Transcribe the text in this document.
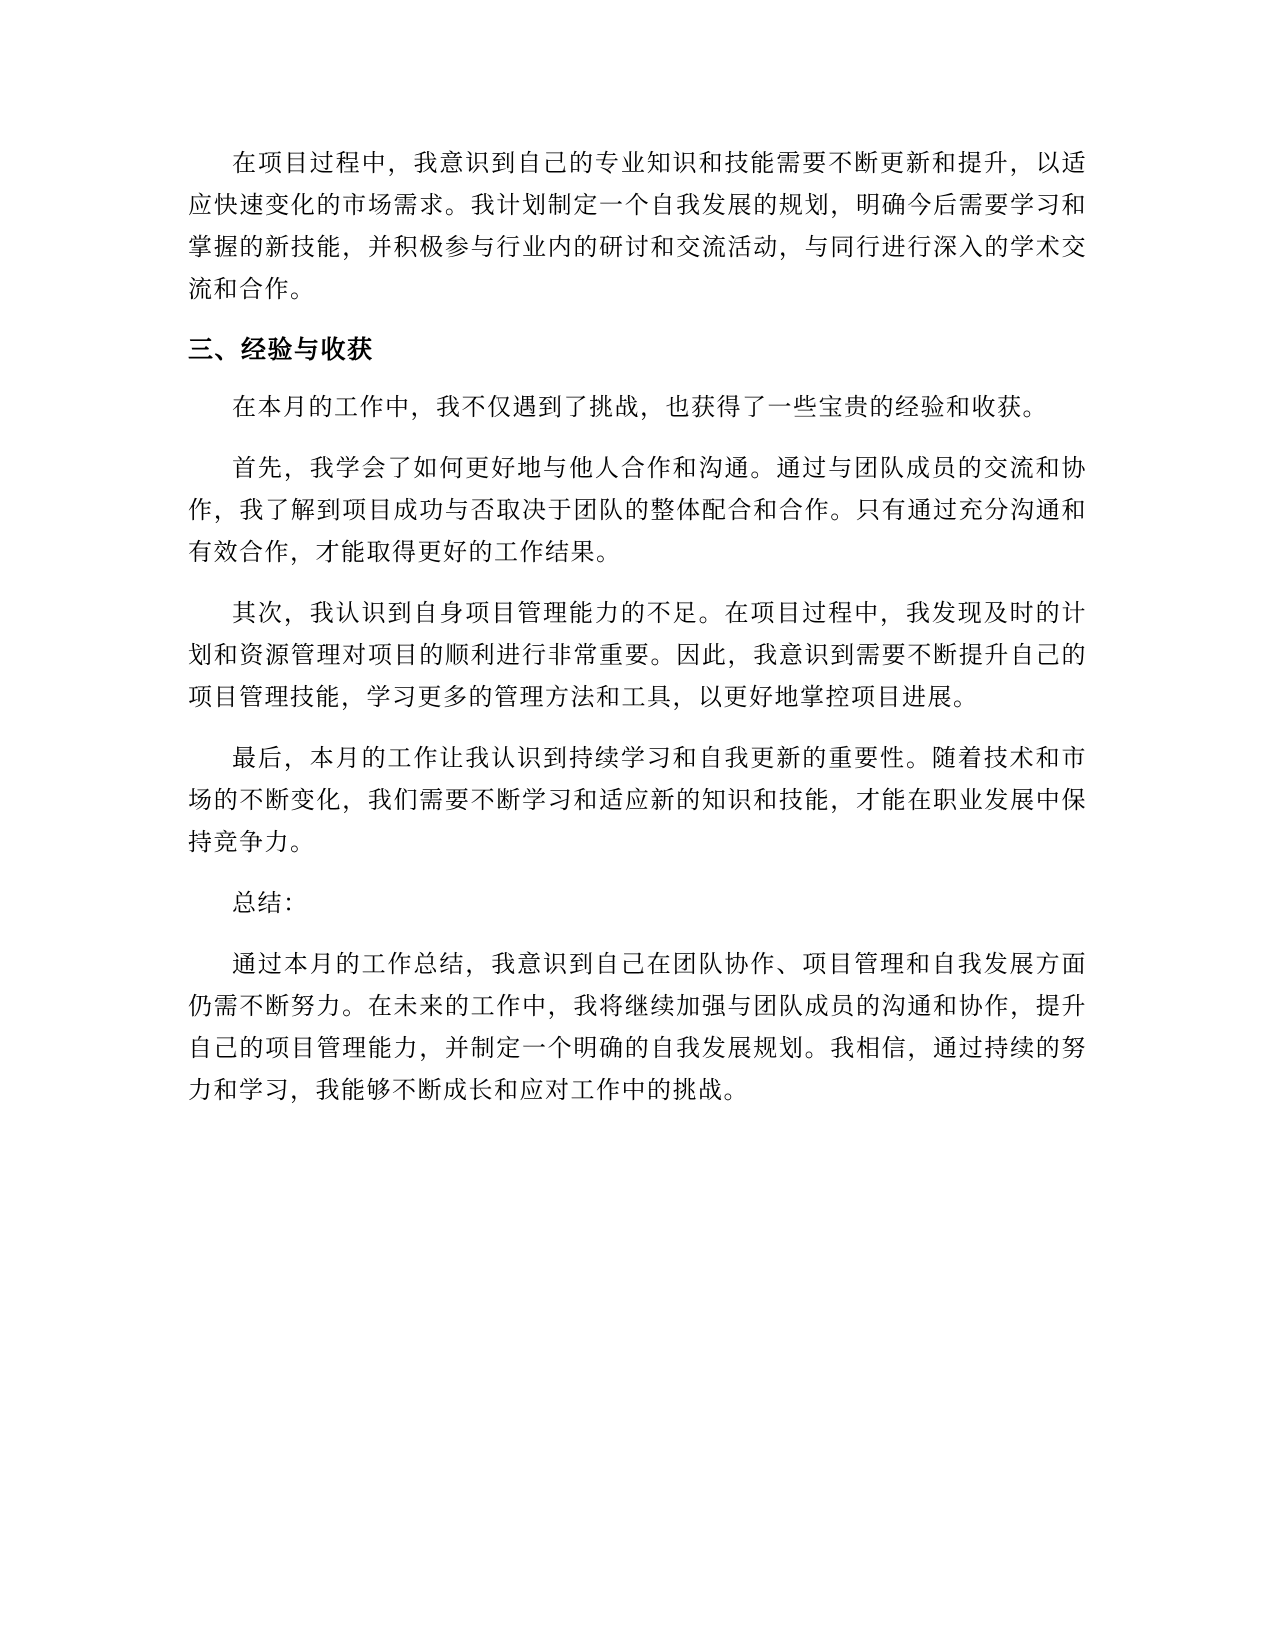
在项目过程中，我意识到自己的专业知识和技能需要不断更新和提升，以适应快速变化的市场需求。我计划制定一个自我发展的规划，明确今后需要学习和掌握的新技能，并积极参与行业内的研讨和交流活动，与同行进行深入的学术交流和合作。

三、经验与收获

在本月的工作中，我不仅遇到了挑战，也获得了一些宝贵的经验和收获。

首先，我学会了如何更好地与他人合作和沟通。通过与团队成员的交流和协作，我了解到项目成功与否取决于团队的整体配合和合作。只有通过充分沟通和有效合作，才能取得更好的工作结果。

其次，我认识到自身项目管理能力的不足。在项目过程中，我发现及时的计划和资源管理对项目的顺利进行非常重要。因此，我意识到需要不断提升自己的项目管理技能，学习更多的管理方法和工具，以更好地掌控项目进展。

最后，本月的工作让我认识到持续学习和自我更新的重要性。随着技术和市场的不断变化，我们需要不断学习和适应新的知识和技能，才能在职业发展中保持竞争力。

总结：

通过本月的工作总结，我意识到自己在团队协作、项目管理和自我发展方面仍需不断努力。在未来的工作中，我将继续加强与团队成员的沟通和协作，提升自己的项目管理能力，并制定一个明确的自我发展规划。我相信，通过持续的努力和学习，我能够不断成长和应对工作中的挑战。
